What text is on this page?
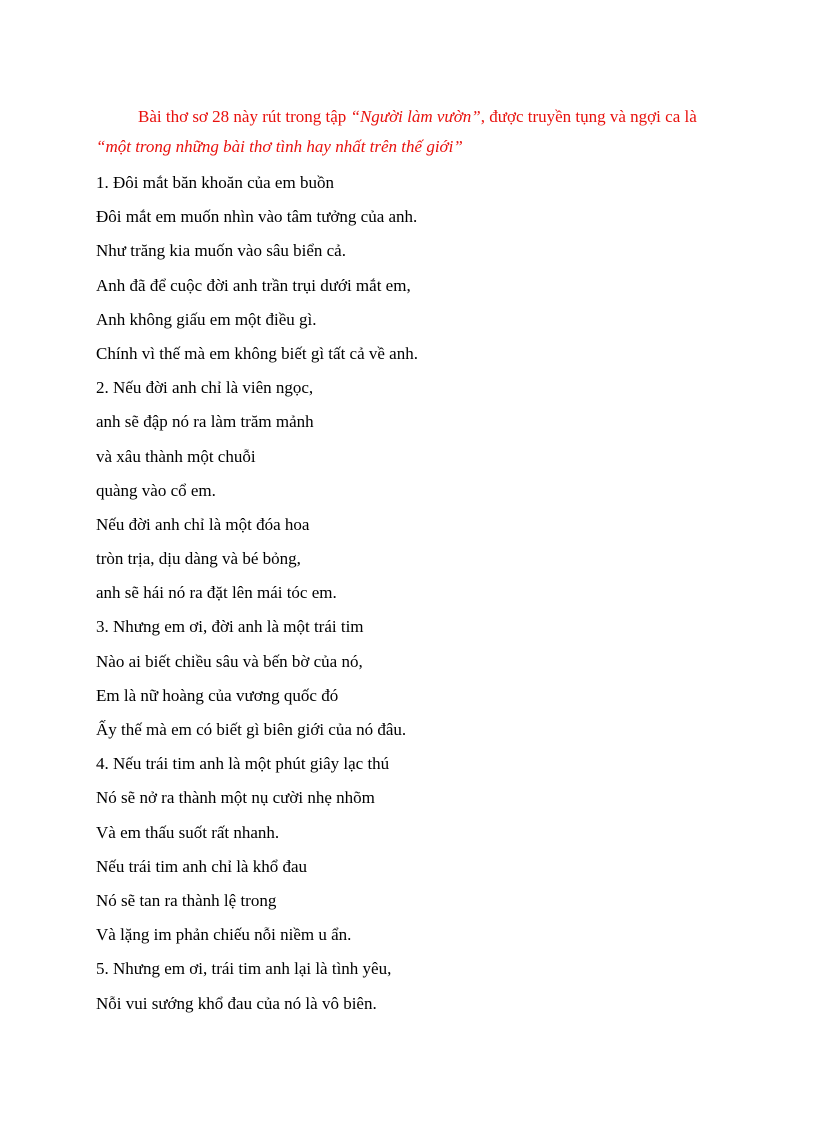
Bài thơ sơ 28 này rút trong tập “Người làm vườn”, được truyền tụng và ngợi ca là
“một trong những bài thơ tình hay nhất trên thế giới”
1. Đôi mắt băn khoăn của em buồn
Đôi mắt em muốn nhìn vào tâm tưởng của anh.
Như trăng kia muốn vào sâu biển cả.
Anh đã để cuộc đời anh trần trụi dưới mắt em,
Anh không giấu em một điều gì.
Chính vì thế mà em không biết gì tất cả về anh.
2. Nếu đời anh chỉ là viên ngọc,
anh sẽ đập nó ra làm trăm mảnh
và xâu thành một chuỗi
quàng vào cổ em.
Nếu đời anh chỉ là một đóa hoa
tròn trịa, dịu dàng và bé bỏng,
anh sẽ hái nó ra đặt lên mái tóc em.
3. Nhưng em ơi, đời anh là một trái tim
Nào ai biết chiều sâu và bến bờ của nó,
Em là nữ hoàng của vương quốc đó
Ấy thế mà em có biết gì biên giới của nó đâu.
4. Nếu trái tim anh là một phút giây lạc thú
Nó sẽ nở ra thành một nụ cười nhẹ nhõm
Và em thấu suốt rất nhanh.
Nếu trái tim anh chỉ là khổ đau
Nó sẽ tan ra thành lệ trong
Và lặng im phản chiếu nỗi niềm u ẩn.
5. Nhưng em ơi, trái tim anh lại là tình yêu,
Nỗi vui sướng khổ đau của nó là vô biên.
